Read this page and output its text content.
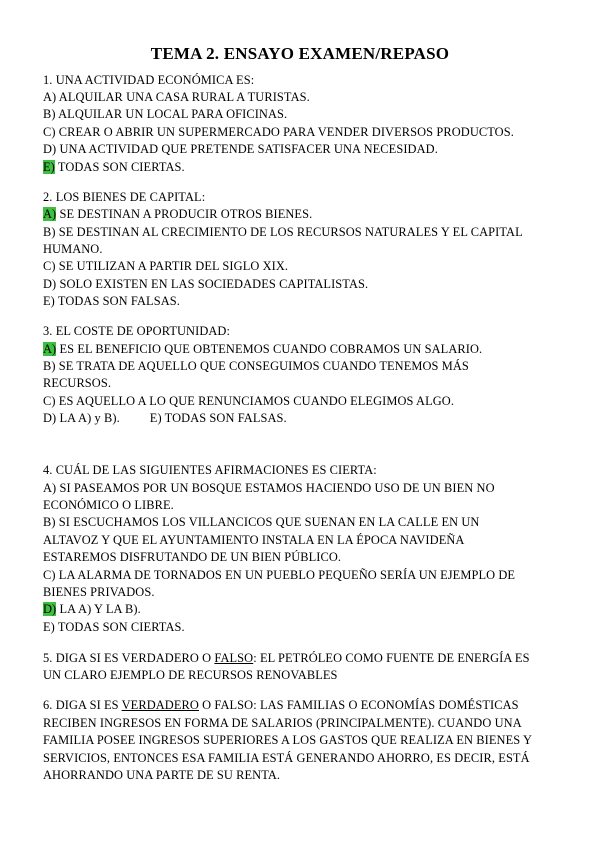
TEMA 2. ENSAYO EXAMEN/REPASO
1. UNA ACTIVIDAD ECONÓMICA ES:
A) ALQUILAR UNA CASA RURAL A TURISTAS.
B) ALQUILAR UN LOCAL PARA OFICINAS.
C) CREAR O ABRIR UN SUPERMERCADO PARA VENDER DIVERSOS PRODUCTOS.
D) UNA ACTIVIDAD QUE PRETENDE SATISFACER UNA NECESIDAD.
E) TODAS SON CIERTAS.
2. LOS BIENES DE CAPITAL:
A) SE DESTINAN A PRODUCIR OTROS BIENES.
B) SE DESTINAN AL CRECIMIENTO DE LOS RECURSOS NATURALES Y EL CAPITAL
HUMANO.
C) SE UTILIZAN A PARTIR DEL SIGLO XIX.
D) SOLO EXISTEN EN LAS SOCIEDADES CAPITALISTAS.
E) TODAS SON FALSAS.
3. EL COSTE DE OPORTUNIDAD:
A) ES EL BENEFICIO QUE OBTENEMOS CUANDO COBRAMOS UN SALARIO.
B) SE TRATA DE AQUELLO QUE CONSEGUIMOS CUANDO TENEMOS MÁS
RECURSOS.
C) ES AQUELLO A LO QUE RENUNCIAMOS CUANDO ELEGIMOS ALGO.
D) LA A) y B). E) TODAS SON FALSAS.
4. CUÁL DE LAS SIGUIENTES AFIRMACIONES ES CIERTA:
A) SI PASEAMOS POR UN BOSQUE ESTAMOS HACIENDO USO DE UN BIEN NO
ECONÓMICO O LIBRE.
B) SI ESCUCHAMOS LOS VILLANCICOS QUE SUENAN EN LA CALLE EN UN
ALTAVOZ Y QUE EL AYUNTAMIENTO INSTALA EN LA ÉPOCA NAVIDEÑA
ESTAREMOS DISFRUTANDO DE UN BIEN PÚBLICO.
C) LA ALARMA DE TORNADOS EN UN PUEBLO PEQUEÑO SERÍA UN EJEMPLO DE
BIENES PRIVADOS.
D) LA A) Y LA B).
E) TODAS SON CIERTAS.
5. DIGA SI ES VERDADERO O FALSO: EL PETRÓLEO COMO FUENTE DE ENERGÍA ES
UN CLARO EJEMPLO DE RECURSOS RENOVABLES
6. DIGA SI ES VERDADERO O FALSO: LAS FAMILIAS O ECONOMÍAS DOMÉSTICAS
RECIBEN INGRESOS EN FORMA DE SALARIOS (PRINCIPALMENTE). CUANDO UNA
FAMILIA POSEE INGRESOS SUPERIORES A LOS GASTOS QUE REALIZA EN BIENES Y
SERVICIOS, ENTONCES ESA FAMILIA ESTÁ GENERANDO AHORRO, ES DECIR, ESTÁ
AHORRANDO UNA PARTE DE SU RENTA.
